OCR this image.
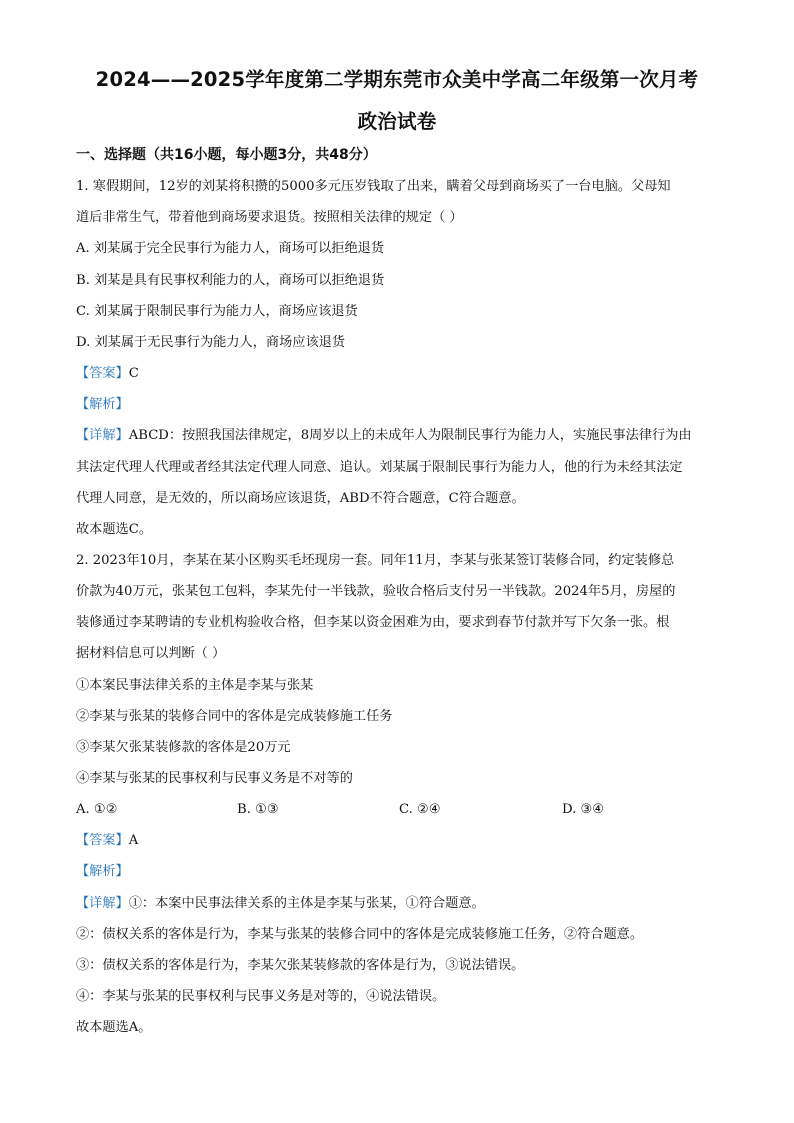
2024——2025学年度第二学期东莞市众美中学高二年级第一次月考
政治试卷
一、选择题（共16小题，每小题3分，共48分）
1. 寒假期间，12岁的刘某将积攒的5000多元压岁钱取了出来，瞒着父母到商场买了一台电脑。父母知
道后非常生气，带着他到商场要求退货。按照相关法律的规定（ ）
A. 刘某属于完全民事行为能力人，商场可以拒绝退货
B. 刘某是具有民事权利能力的人，商场可以拒绝退货
C. 刘某属于限制民事行为能力人，商场应该退货
D. 刘某属于无民事行为能力人，商场应该退货
【答案】C
【解析】
【详解】ABCD：按照我国法律规定，8周岁以上的未成年人为限制民事行为能力人，实施民事法律行为由
其法定代理人代理或者经其法定代理人同意、追认。刘某属于限制民事行为能力人，他的行为未经其法定
代理人同意，是无效的，所以商场应该退货，ABD不符合题意，C符合题意。
故本题选C。
2. 2023年10月，李某在某小区购买毛坯现房一套。同年11月，李某与张某签订装修合同，约定装修总
价款为40万元，张某包工包料，李某先付一半钱款，验收合格后支付另一半钱款。2024年5月，房屋的
装修通过李某聘请的专业机构验收合格，但李某以资金困难为由，要求到春节付款并写下欠条一张。根
据材料信息可以判断（ ）
①本案民事法律关系的主体是李某与张某
②李某与张某的装修合同中的客体是完成装修施工任务
③李某欠张某装修款的客体是20万元
④李某与张某的民事权利与民事义务是不对等的
A. ①②	B. ①③	C. ②④	D. ③④
【答案】A
【解析】
【详解】①：本案中民事法律关系的主体是李某与张某，①符合题意。
②：债权关系的客体是行为，李某与张某的装修合同中的客体是完成装修施工任务，②符合题意。
③：债权关系的客体是行为，李某欠张某装修款的客体是行为，③说法错误。
④：李某与张某的民事权利与民事义务是对等的，④说法错误。
故本题选A。
